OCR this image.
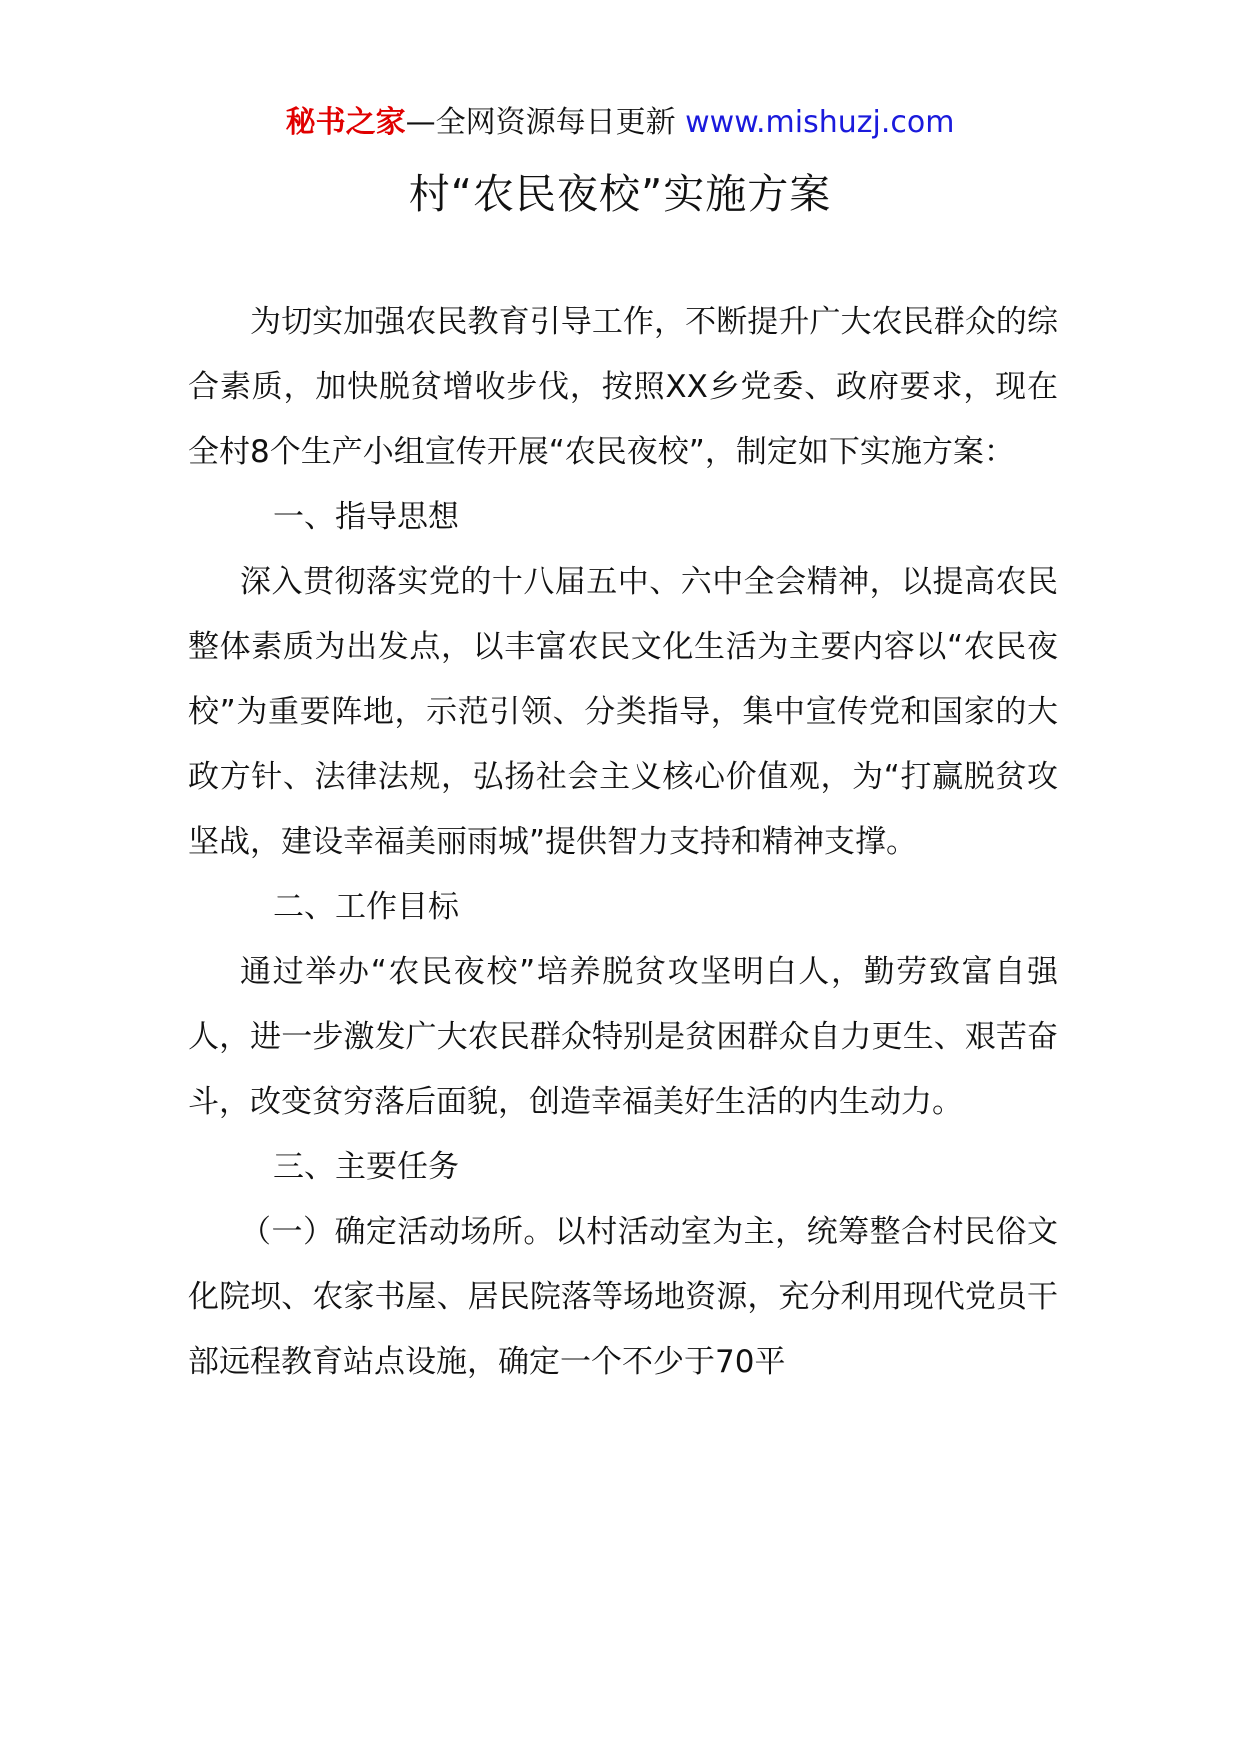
秘书之家—全网资源每日更新 www.mishuzj.com
村“农民夜校”实施方案

为切实加强农民教育引导工作，不断提升广大农民群众的综合素质，加快脱贫增收步伐，按照XX乡党委、政府要求，现在全村8个生产小组宣传开展“农民夜校”，制定如下实施方案：

一、指导思想

深入贯彻落实党的十八届五中、六中全会精神，以提高农民整体素质为出发点，以丰富农民文化生活为主要内容以“农民夜校”为重要阵地，示范引领、分类指导，集中宣传党和国家的大政方针、法律法规，弘扬社会主义核心价值观，为“打赢脱贫攻坚战，建设幸福美丽雨城”提供智力支持和精神支撑。

二、工作目标

通过举办“农民夜校”培养脱贫攻坚明白人，勤劳致富自强人，进一步激发广大农民群众特别是贫困群众自力更生、艰苦奋斗，改变贫穷落后面貌，创造幸福美好生活的内生动力。

三、主要任务

（一）确定活动场所。以村活动室为主，统筹整合村民俗文化院坝、农家书屋、居民院落等场地资源，充分利用现代党员干部远程教育站点设施，确定一个不少于70平
